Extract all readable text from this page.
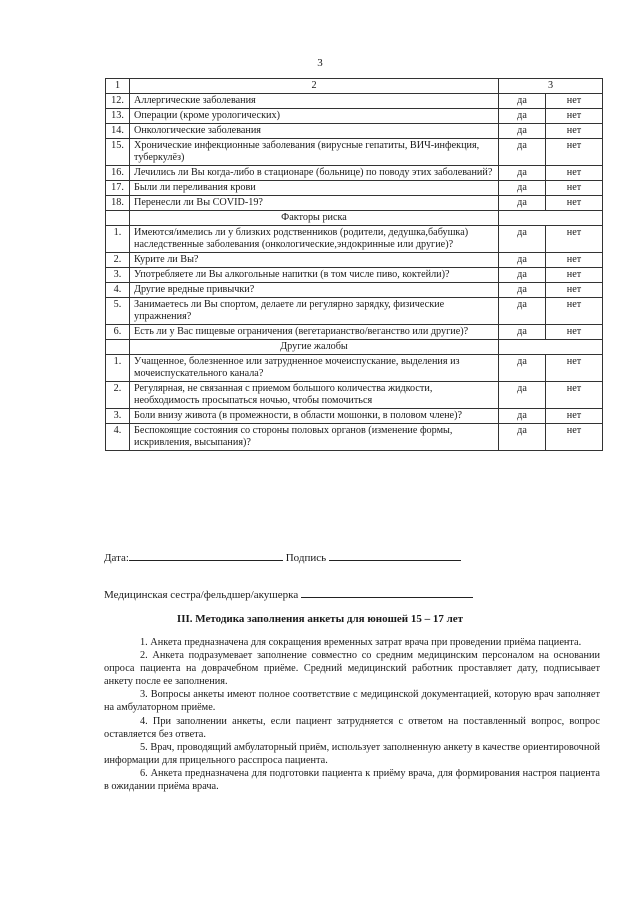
3
1	2	3	
12.	Аллергические заболевания	да	нет
13.	Операции (кроме урологических)	да	нет
14.	Онкологические заболевания	да	нет
15.	Хронические инфекционные заболевания (вирусные гепатиты, ВИЧ-инфекция, туберкулёз)	да	нет
16.	Лечились ли Вы когда-либо в стационаре (больнице) по поводу этих заболеваний?	да	нет
17.	Были ли переливания крови	да	нет
18.	Перенесли ли Вы COVID-19?	да	нет
	Факторы риска		
1.	Имеются/имелись ли у близких родственников (родители, дедушка,бабушка) наследственные заболевания (онкологические,эндокринные или другие)?	да	нет
2.	Курите ли Вы?	да	нет
3.	Употребляете ли Вы алкогольные напитки (в том числе пиво, коктейли)?	да	нет
4.	Другие вредные привычки?	да	нет
5.	Занимаетесь ли Вы спортом, делаете ли регулярно зарядку, физические упражнения?	да	нет
6.	Есть ли у Вас пищевые ограничения (вегетарианство/веганство или другие)?	да	нет
	Другие жалобы		
1.	Учащенное, болезненное или затрудненное мочеиспускание, выделения из мочеиспускательного канала?	да	нет
2.	Регулярная, не связанная с приемом большого количества жидкости, необходимость просыпаться ночью, чтобы помочиться	да	нет
3.	Боли внизу живота (в промежности, в области мошонки, в половом члене)?	да	нет
4.	Беспокоящие состояния со стороны половых органов (изменение формы, искривления, высыпания)?	да	нет
Дата:	Подпись
Медицинская сестра/фельдшер/акушерка
III. Методика заполнения анкеты для юношей 15 – 17 лет

1. Анкета предназначена для сокращения временных затрат врача при проведении приёма пациента.

2. Анкета подразумевает заполнение совместно со средним медицинским персоналом на основании опроса пациента на доврачебном приёме. Средний медицинский работник проставляет дату, подписывает анкету после ее заполнения.

3. Вопросы анкеты имеют полное соответствие с медицинской документацией, которую врач заполняет на амбулаторном приёме.

4. При заполнении анкеты, если пациент затрудняется с ответом на поставленный вопрос, вопрос оставляется без ответа.

5. Врач, проводящий амбулаторный приём, использует заполненную анкету в качестве ориентировочной информации для прицельного расспроса пациента.

6. Анкета предназначена для подготовки пациента к приёму врача, для формирования настроя пациента в ожидании приёма врача.
